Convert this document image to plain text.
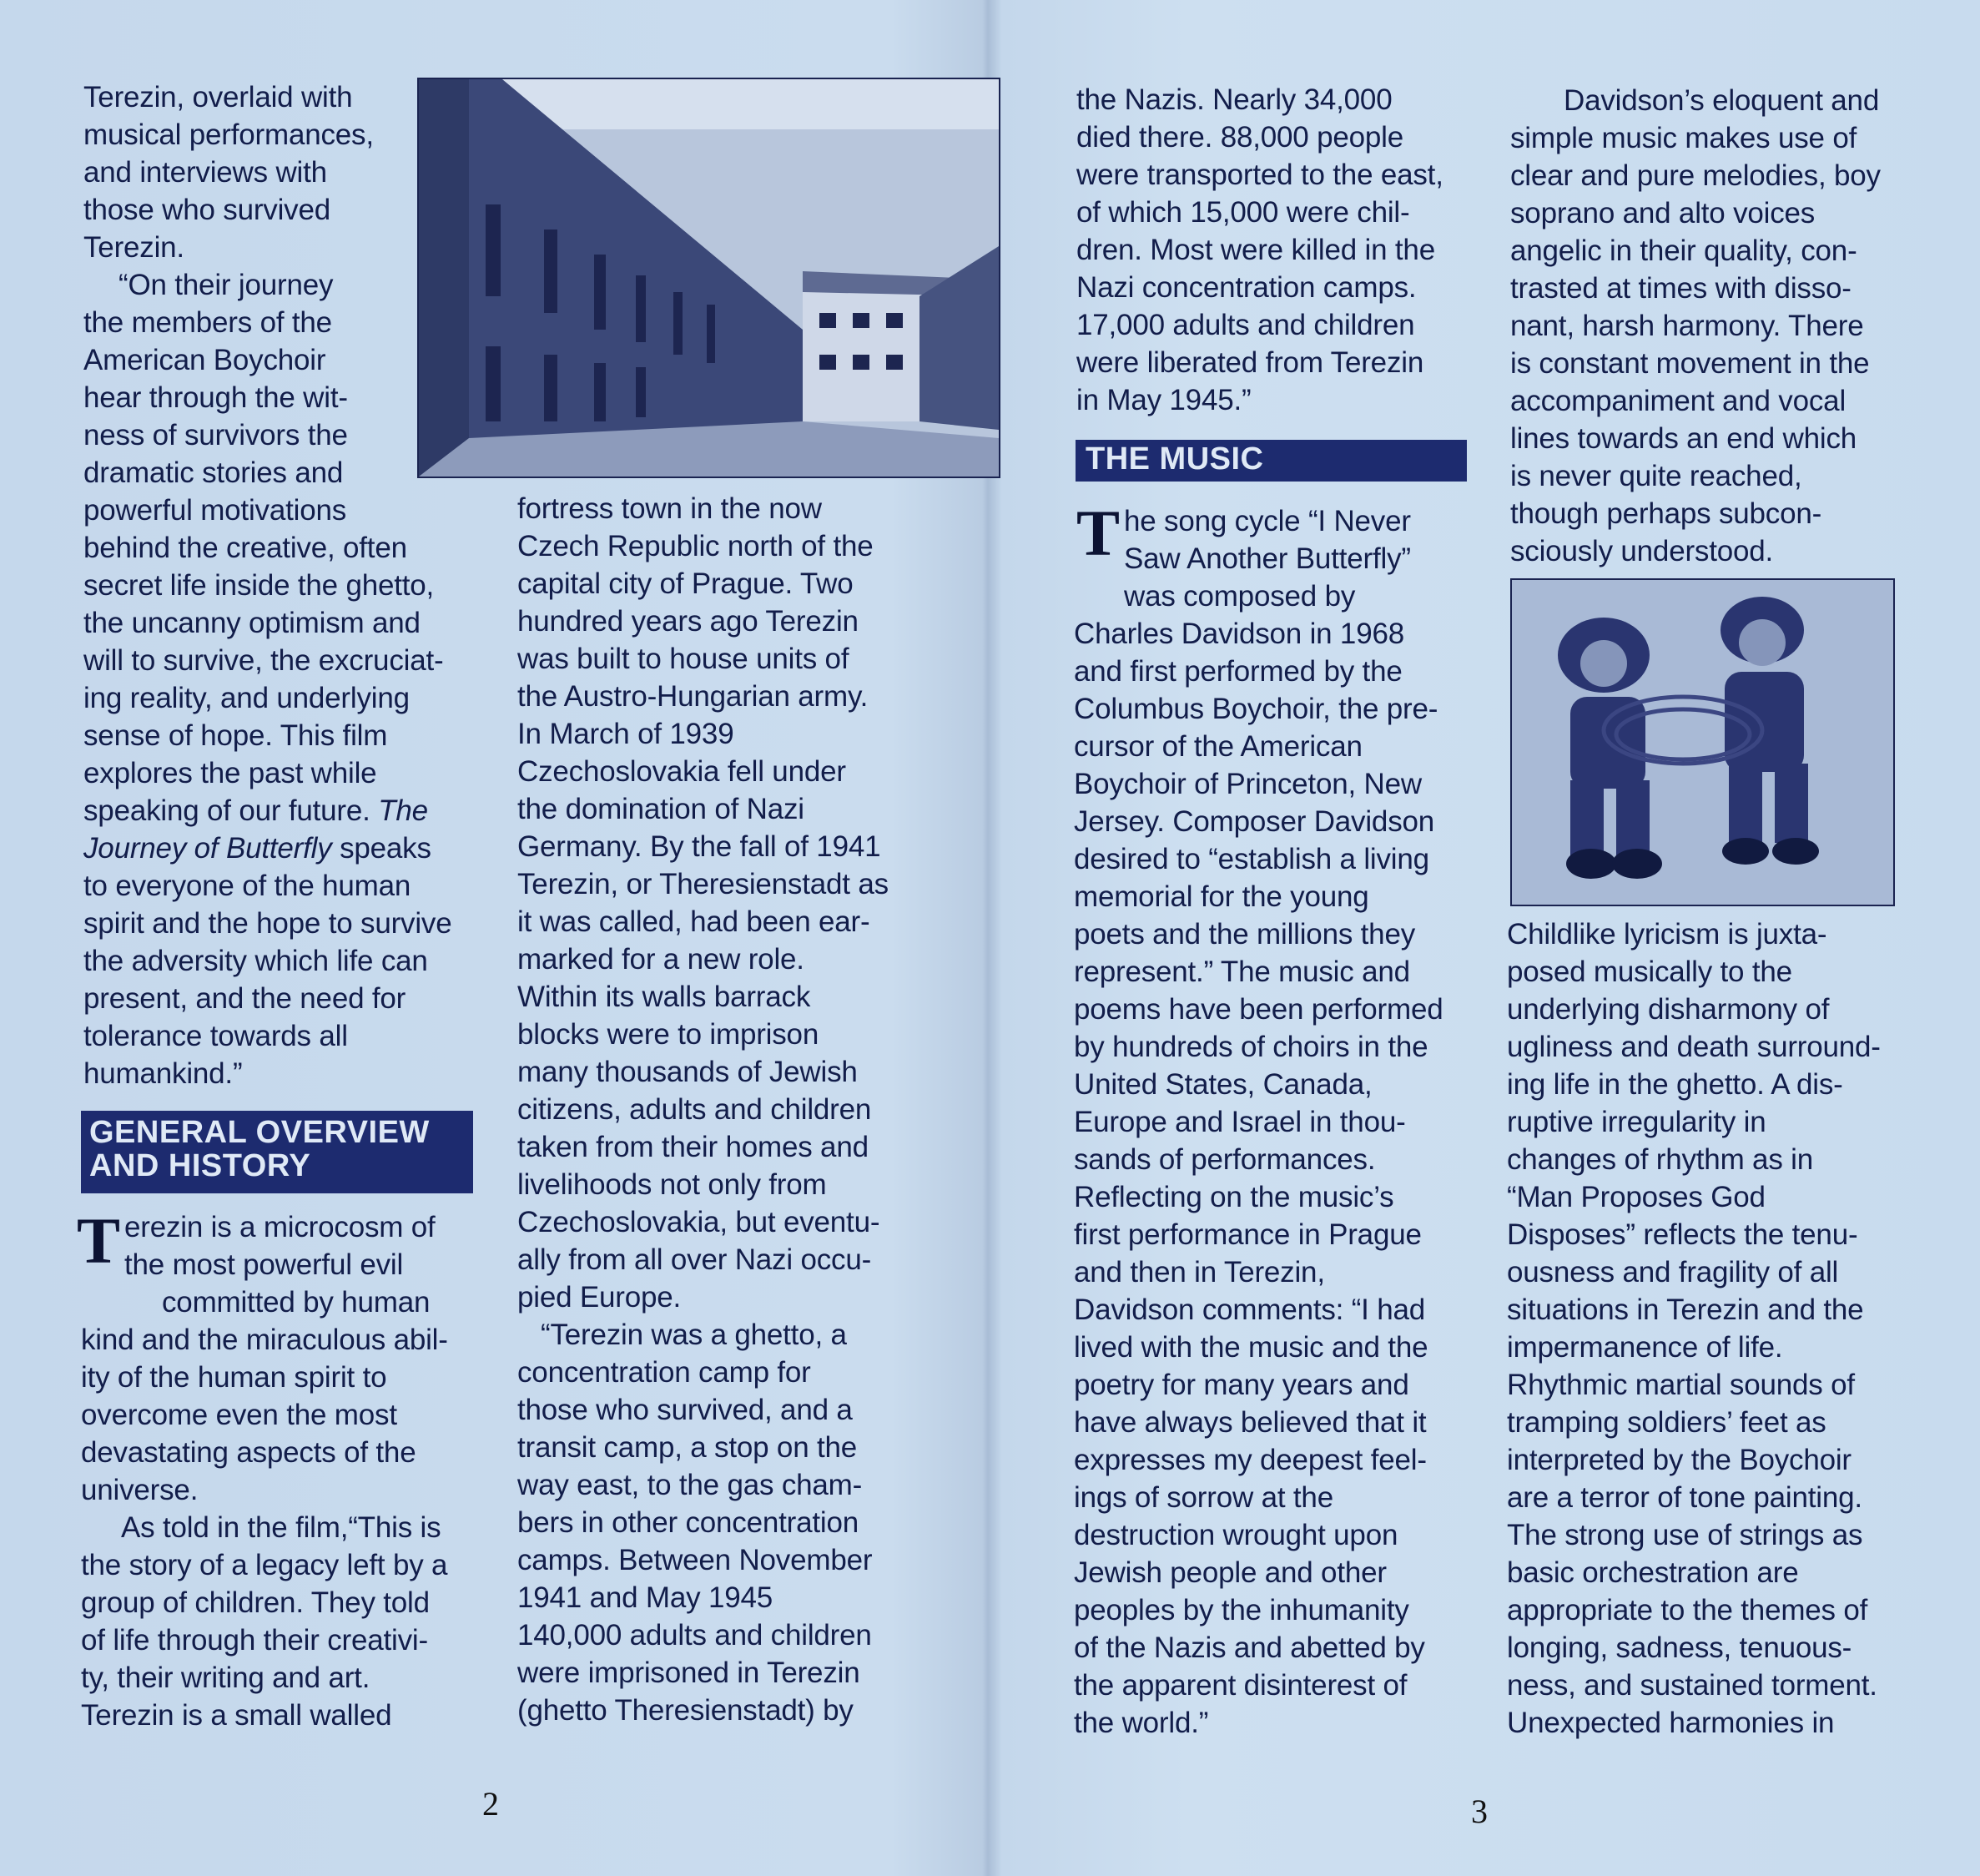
Terezin, overlaid with
musical performances,
and interviews with
those who survived
Terezin.
“On their journey
the members of the
American Boychoir
hear through the wit-
ness of survivors the
dramatic stories and
powerful motivations
behind the creative, often
secret life inside the ghetto,
the uncanny optimism and
will to survive, the excruciat-
ing reality, and underlying
sense of hope. This film
explores the past while
speaking of our future. The
Journey of Butterfly speaks
to everyone of the human
spirit and the hope to survive
the adversity which life can
present, and the need for
tolerance towards all
humankind.”
GENERAL OVERVIEW
AND HISTORY
T erezin is a microcosm of
the most powerful evil
committed by human
kind and the miraculous abil-
ity of the human spirit to
overcome even the most
devastating aspects of the
universe.
As told in the film,“This is
the story of a legacy left by a
group of children. They told
of life through their creativi-
ty, their writing and art.
Terezin is a small walled
fortress town in the now
Czech Republic north of the
capital city of Prague. Two
hundred years ago Terezin
was built to house units of
the Austro-Hungarian army.
In March of 1939
Czechoslovakia fell under
the domination of Nazi
Germany. By the fall of 1941
Terezin, or Theresienstadt as
it was called, had been ear-
marked for a new role.
Within its walls barrack
blocks were to imprison
many thousands of Jewish
citizens, adults and children
taken from their homes and
livelihoods not only from
Czechoslovakia, but eventu-
ally from all over Nazi occu-
pied Europe.
“Terezin was a ghetto, a
concentration camp for
those who survived, and a
transit camp, a stop on the
way east, to the gas cham-
bers in other concentration
camps. Between November
1941 and May 1945
140,000 adults and children
were imprisoned in Terezin
(ghetto Theresienstadt) by
2
the Nazis. Nearly 34,000
died there. 88,000 people
were transported to the east,
of which 15,000 were chil-
dren. Most were killed in the
Nazi concentration camps.
17,000 adults and children
were liberated from Terezin
in May 1945.”
THE MUSIC
T he song cycle “I Never
Saw Another Butterfly”
was composed by
Charles Davidson in 1968
and first performed by the
Columbus Boychoir, the pre-
cursor of the American
Boychoir of Princeton, New
Jersey. Composer Davidson
desired to “establish a living
memorial for the young
poets and the millions they
represent.” The music and
poems have been performed
by hundreds of choirs in the
United States, Canada,
Europe and Israel in thou-
sands of performances.
Reflecting on the music’s
first performance in Prague
and then in Terezin,
Davidson comments: “I had
lived with the music and the
poetry for many years and
have always believed that it
expresses my deepest feel-
ings of sorrow at the
destruction wrought upon
Jewish people and other
peoples by the inhumanity
of the Nazis and abetted by
the apparent disinterest of
the world.”
Davidson’s eloquent and
simple music makes use of
clear and pure melodies, boy
soprano and alto voices
angelic in their quality, con-
trasted at times with disso-
nant, harsh harmony. There
is constant movement in the
accompaniment and vocal
lines towards an end which
is never quite reached,
though perhaps subcon-
sciously understood.
Childlike lyricism is juxta-
posed musically to the
underlying disharmony of
ugliness and death surround-
ing life in the ghetto. A dis-
ruptive irregularity in
changes of rhythm as in
“Man Proposes God
Disposes” reflects the tenu-
ousness and fragility of all
situations in Terezin and the
impermanence of life.
Rhythmic martial sounds of
tramping soldiers’ feet as
interpreted by the Boychoir
are a terror of tone painting.
The strong use of strings as
basic orchestration are
appropriate to the themes of
longing, sadness, tenuous-
ness, and sustained torment.
Unexpected harmonies in
3
